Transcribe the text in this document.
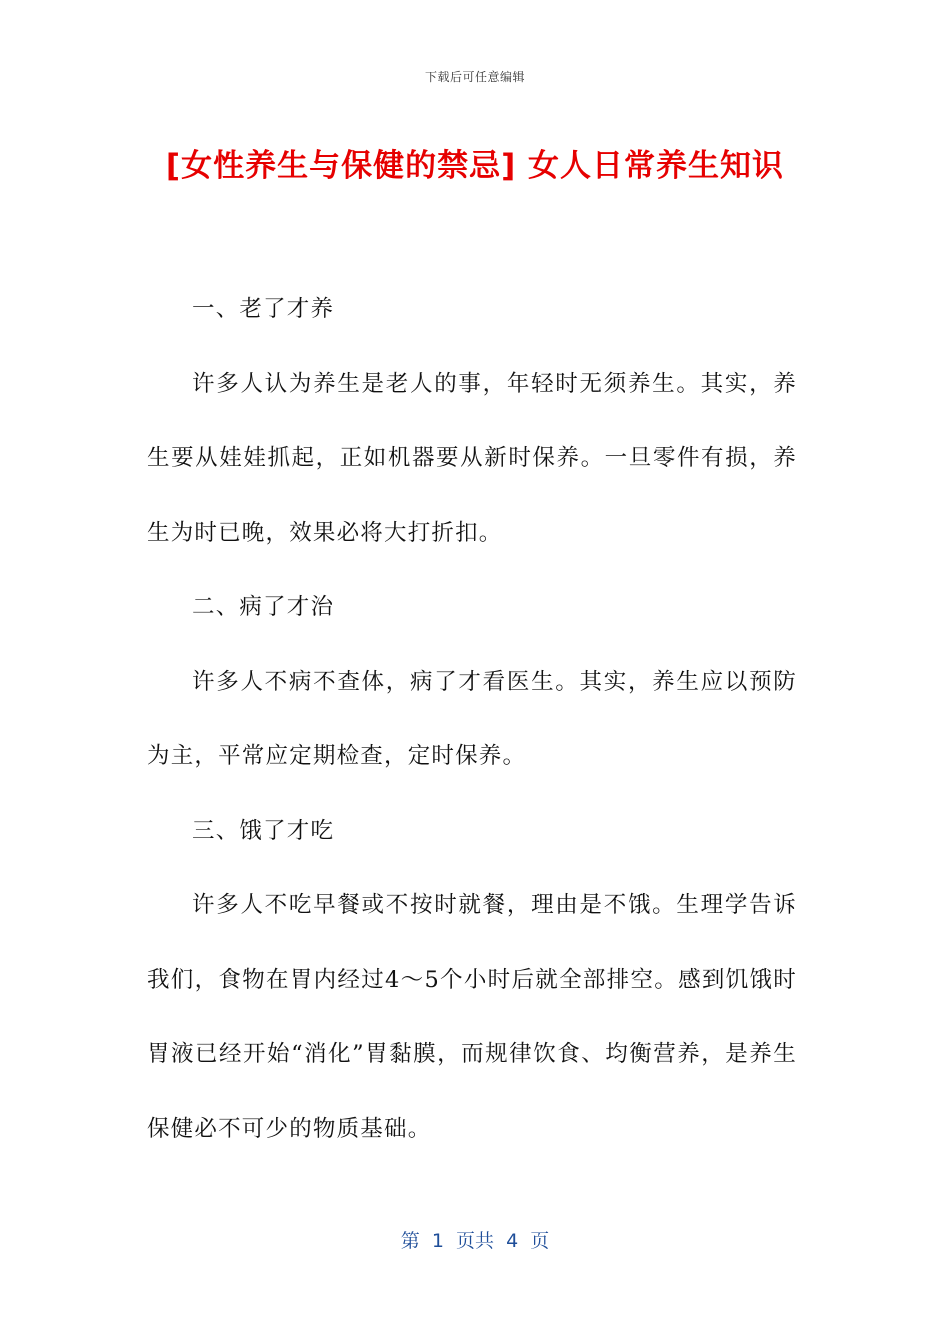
下载后可任意编辑
[女性养生与保健的禁忌] 女人日常养生知识

一、老了才养

许多人认为养生是老人的事，年轻时无须养生。其实，养生要从娃娃抓起，正如机器要从新时保养。一旦零件有损，养生为时已晚，效果必将大打折扣。

二、病了才治

许多人不病不查体，病了才看医生。其实，养生应以预防为主，平常应定期检查，定时保养。

三、饿了才吃

许多人不吃早餐或不按时就餐，理由是不饿。生理学告诉我们，食物在胃内经过4～5个小时后就全部排空。感到饥饿时胃液已经开始“消化”胃黏膜，而规律饮食、均衡营养，是养生保健必不可少的物质基础。

第  1  页共  4  页
